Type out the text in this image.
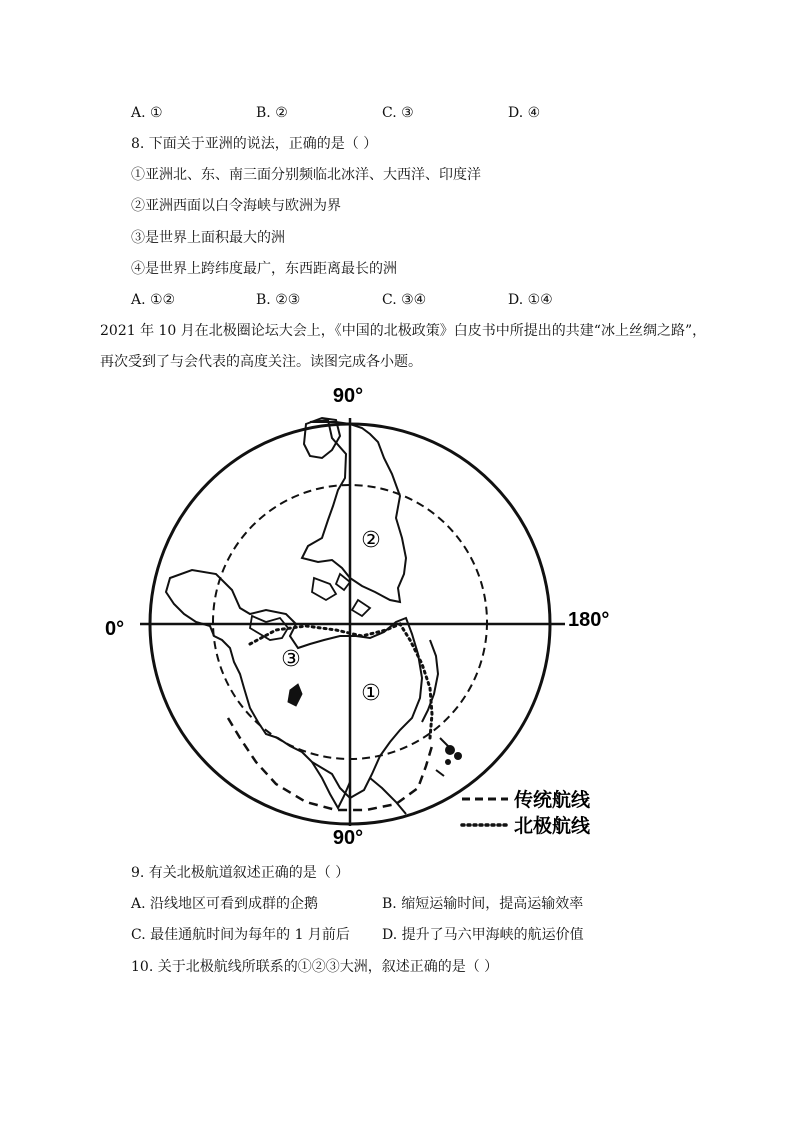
A. ①	B. ②	C. ③	D. ④
8. 下面关于亚洲的说法，正确的是（ ）
①亚洲北、东、南三面分别频临北冰洋、大西洋、印度洋
②亚洲西面以白令海峡与欧洲为界
③是世界上面积最大的洲
④是世界上跨纬度最广，东西距离最长的洲
A. ①②	B. ②③	C. ③④	D. ①④
2021 年 10 月在北极圈论坛大会上，《中国的北极政策》白皮书中所提出的共建“冰上丝绸之路”，
再次受到了与会代表的高度关注。读图完成各小题。
90°
90°
0°	180°
②
③
①
传统航线
北极航线
9. 有关北极航道叙述正确的是（ ）
A. 沿线地区可看到成群的企鹅	B. 缩短运输时间，提高运输效率
C. 最佳通航时间为每年的 1 月前后 D. 提升了马六甲海峡的航运价值
10. 关于北极航线所联系的①②③大洲，叙述正确的是（ ）
